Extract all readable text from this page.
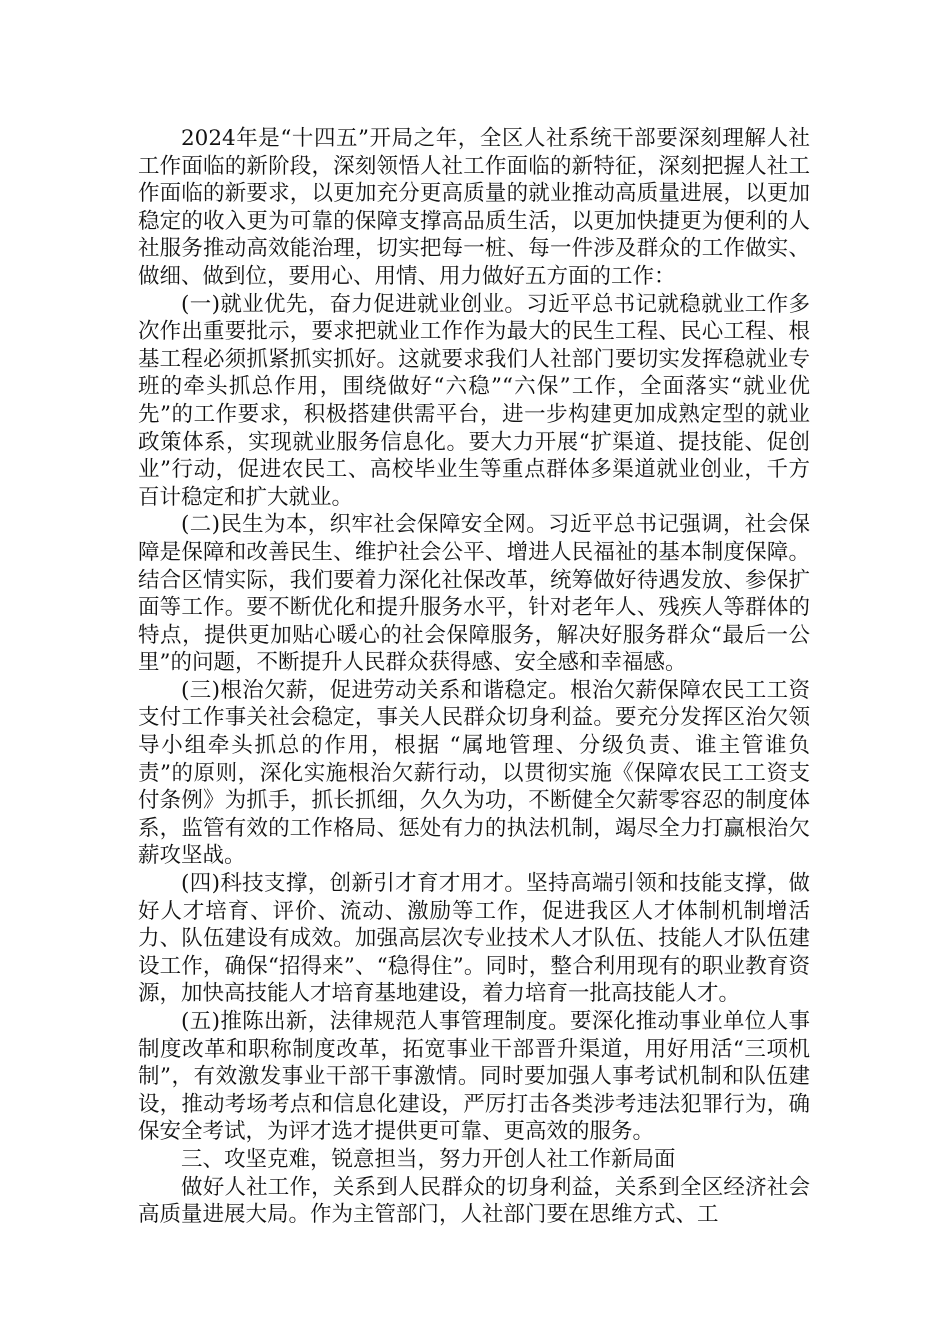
2024年是“十四五”开局之年，全区人社系统干部要深刻理解人社工作面临的新阶段，深刻领悟人社工作面临的新特征，深刻把握人社工作面临的新要求，以更加充分更高质量的就业推动高质量进展，以更加稳定的收入更为可靠的保障支撑高品质生活，以更加快捷更为便利的人社服务推动高效能治理，切实把每一桩、每一件涉及群众的工作做实、做细、做到位，要用心、用情、用力做好五方面的工作：

(一)就业优先，奋力促进就业创业。习近平总书记就稳就业工作多次作出重要批示，要求把就业工作作为最大的民生工程、民心工程、根基工程必须抓紧抓实抓好。这就要求我们人社部门要切实发挥稳就业专班的牵头抓总作用，围绕做好“六稳”“六保”工作，全面落实“就业优先”的工作要求，积极搭建供需平台，进一步构建更加成熟定型的就业政策体系，实现就业服务信息化。要大力开展“扩渠道、提技能、促创业”行动，促进农民工、高校毕业生等重点群体多渠道就业创业，千方百计稳定和扩大就业。

(二)民生为本，织牢社会保障安全网。习近平总书记强调，社会保障是保障和改善民生、维护社会公平、增进人民福祉的基本制度保障。结合区情实际，我们要着力深化社保改革，统筹做好待遇发放、参保扩面等工作。要不断优化和提升服务水平，针对老年人、残疾人等群体的特点，提供更加贴心暖心的社会保障服务，解决好服务群众“最后一公里”的问题，不断提升人民群众获得感、安全感和幸福感。

(三)根治欠薪，促进劳动关系和谐稳定。根治欠薪保障农民工工资支付工作事关社会稳定，事关人民群众切身利益。要充分发挥区治欠领导小组牵头抓总的作用，根据 “属地管理、分级负责、谁主管谁负责”的原则，深化实施根治欠薪行动，以贯彻实施《保障农民工工资支付条例》为抓手，抓长抓细，久久为功，不断健全欠薪零容忍的制度体系，监管有效的工作格局、惩处有力的执法机制，竭尽全力打赢根治欠薪攻坚战。

(四)科技支撑，创新引才育才用才。坚持高端引领和技能支撑，做好人才培育、评价、流动、激励等工作，促进我区人才体制机制增活力、队伍建设有成效。加强高层次专业技术人才队伍、技能人才队伍建设工作，确保“招得来”、“稳得住”。同时，整合利用现有的职业教育资源，加快高技能人才培育基地建设，着力培育一批高技能人才。

(五)推陈出新，法律规范人事管理制度。要深化推动事业单位人事制度改革和职称制度改革，拓宽事业干部晋升渠道，用好用活“三项机制”，有效激发事业干部干事激情。同时要加强人事考试机制和队伍建设，推动考场考点和信息化建设，严厉打击各类涉考违法犯罪行为，确保安全考试，为评才选才提供更可靠、更高效的服务。

三、攻坚克难，锐意担当，努力开创人社工作新局面

做好人社工作，关系到人民群众的切身利益，关系到全区经济社会高质量进展大局。作为主管部门，人社部门要在思维方式、工
